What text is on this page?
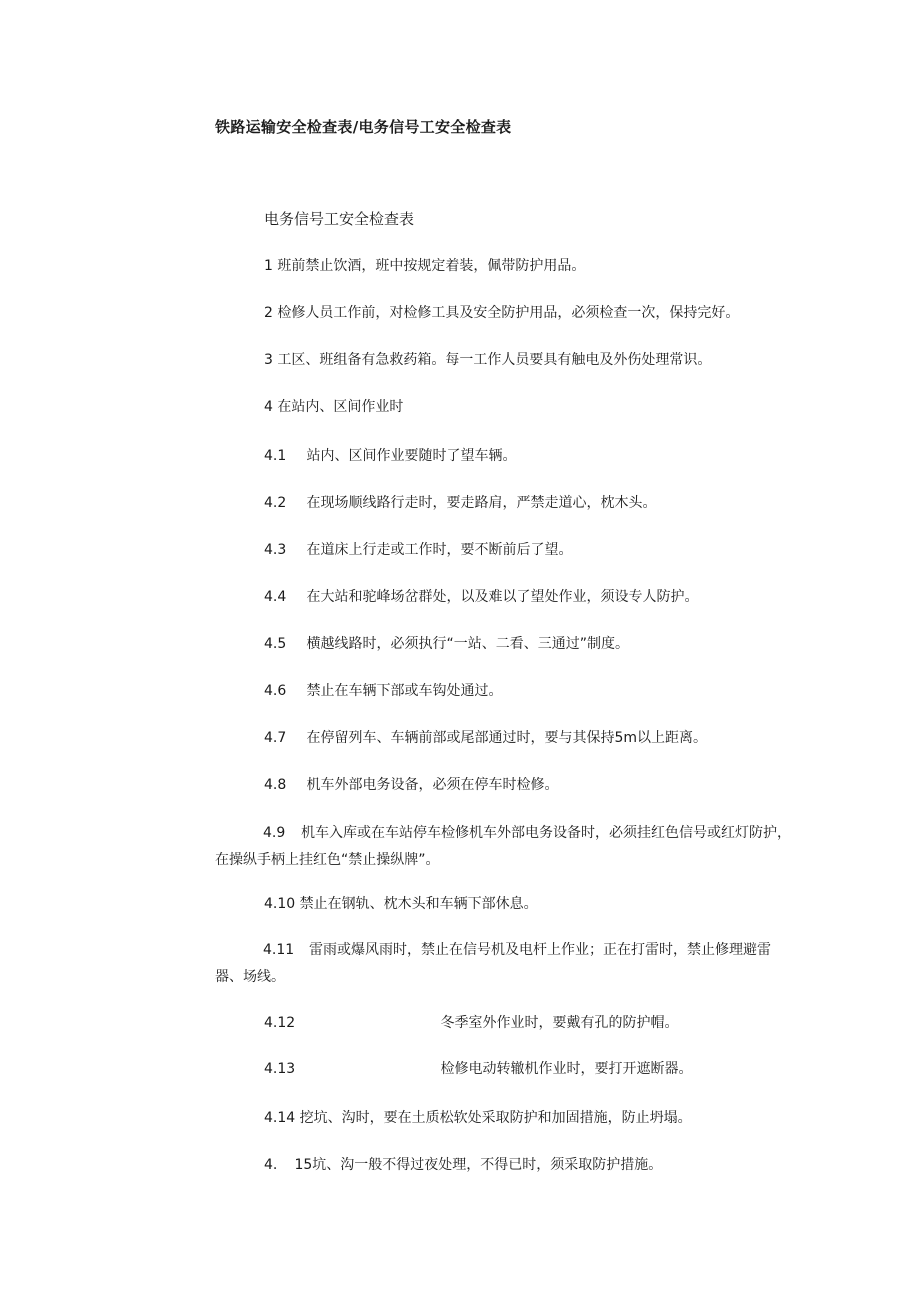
铁路运输安全检查表/电务信号工安全检查表
电务信号工安全检查表
1 班前禁止饮酒，班中按规定着装，佩带防护用品。
2 检修人员工作前，对检修工具及安全防护用品，必须检查一次，保持完好。
3 工区、班组备有急救药箱。每一工作人员要具有触电及外伤处理常识。
4 在站内、区间作业时
4.1 站内、区间作业要随时了望车辆。
4.2 在现场顺线路行走时，要走路肩，严禁走道心，枕木头。
4.3 在道床上行走或工作时，要不断前后了望。
4.4 在大站和驼峰场岔群处，以及难以了望处作业，须设专人防护。
4.5 横越线路时，必须执行“一站、二看、三通过”制度。
4.6 禁止在车辆下部或车钩处通过。
4.7 在停留列车、车辆前部或尾部通过时，要与其保持5m以上距离。
4.8 机车外部电务设备，必须在停车时检修。
4.9 机车入库或在车站停车检修机车外部电务设备时，必须挂红色信号或红灯防护，在操纵手柄上挂红色“禁止操纵牌”。
4.10 禁止在钢轨、枕木头和车辆下部休息。
4.11 雷雨或爆风雨时，禁止在信号机及电杆上作业；正在打雷时，禁止修理避雷器、场线。
4.12	冬季室外作业时，要戴有孔的防护帽。
4.13	检修电动转辙机作业时，要打开遮断器。
4.14 挖坑、沟时，要在土质松软处采取防护和加固措施，防止坍塌。
4. 15坑、沟一般不得过夜处理，不得已时，须采取防护措施。
